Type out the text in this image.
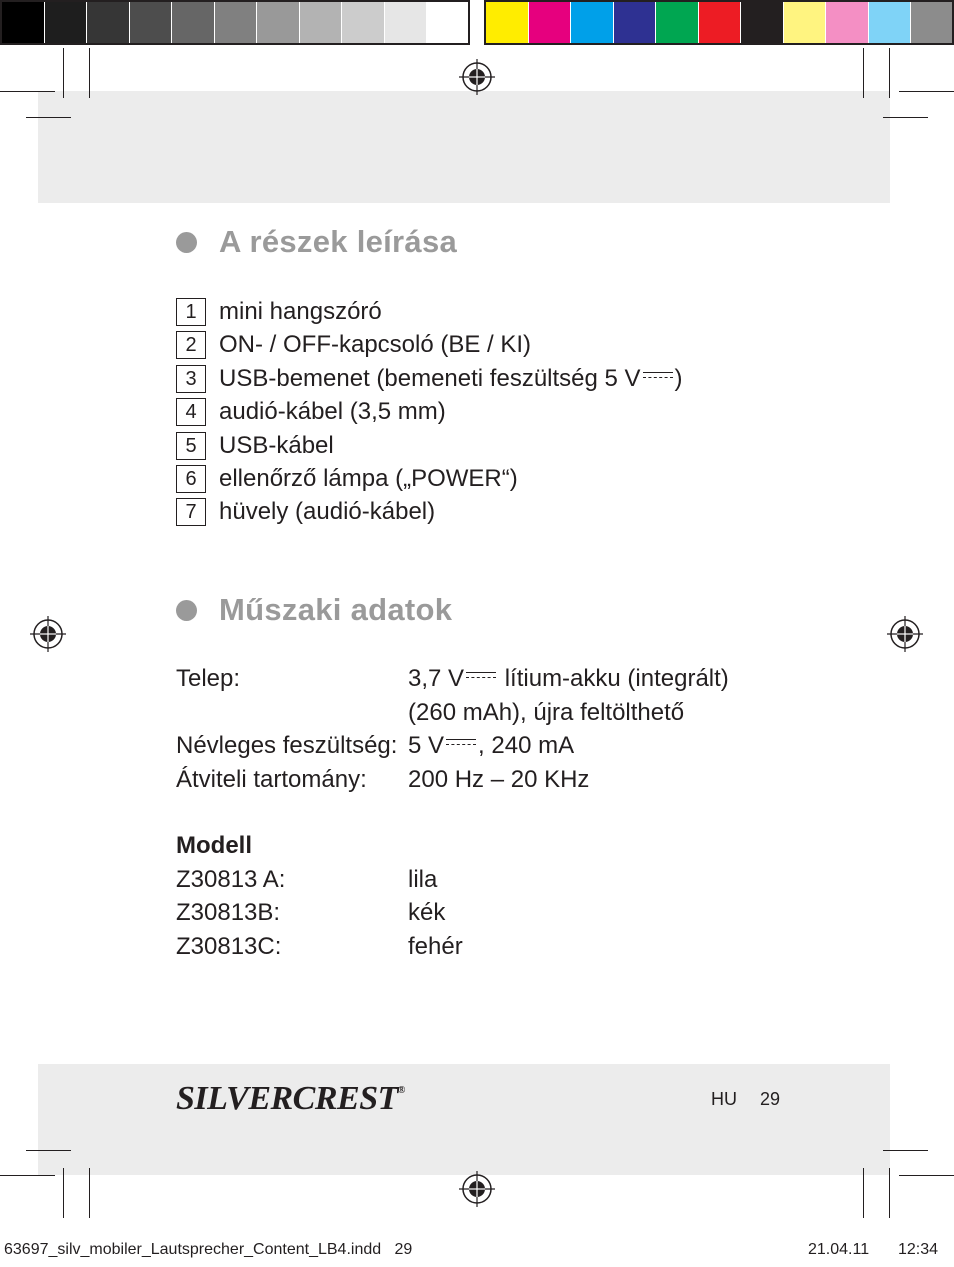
A részek leírása
1 mini hangszóró
2 ON- / OFF-kapcsoló (BE / KI)
3 USB-bemenet (bemeneti feszültség 5 V )
4 audió-kábel (3,5 mm)
5 USB-kábel
6 ellenőrző lámpa („POWER“)
7 hüvely (audió-kábel)
Műszaki adatok
Telep:	3,7 V lítium-akku (integrált)
(260 mAh), újra feltölthető
Névleges feszültség: 5 V , 240 mA
Átviteli tartomány: 200 Hz – 20 KHz
Modell
Z30813 A:	lila
Z30813B:	kék
Z30813C:	fehér
SILVERCREST®	HU 29
63697_silv_mobiler_Lautsprecher_Content_LB4.indd   29	21.04.11 12:34
